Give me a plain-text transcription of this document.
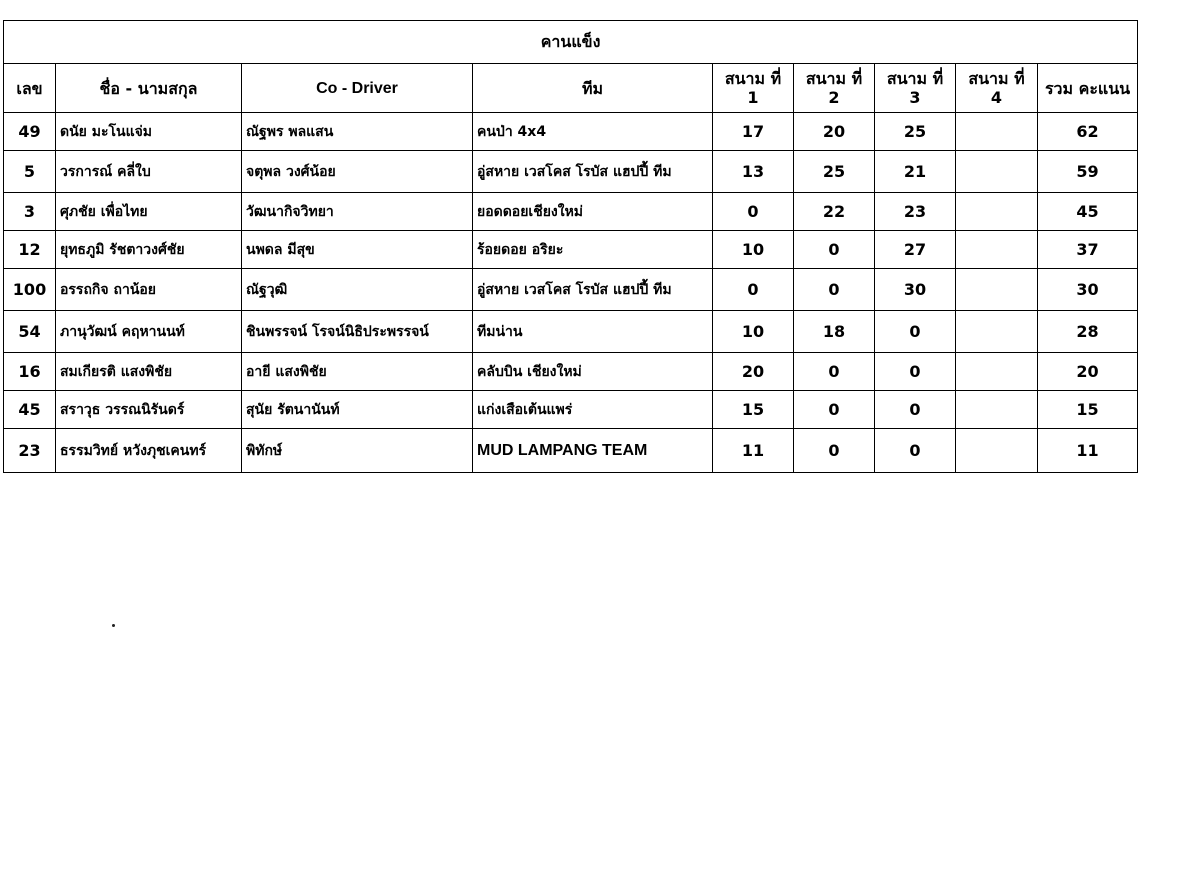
คานแข็ง								
เลข	ชื่อ - นามสกุล	Co - Driver	ทีม	สนาม ที่ 1	สนาม ที่ 2	สนาม ที่ 3	สนาม ที่ 4	รวม คะแนน
49	ดนัย มะโนแจ่ม	ณัฐพร พลแสน	คนป่า 4x4	17	20	25		62
5	วรการณ์ คลี่ใบ	จตุพล วงศ์น้อย	อู่สหาย เวสโคส โรบัส แฮปปี้ ทีม	13	25	21		59
3	ศุภชัย เพื่อไทย	วัฒนากิจวิทยา	ยอดดอยเชียงใหม่	0	22	23		45
12	ยุทธภูมิ รัชตาวงศ์ชัย	นพดล มีสุข	ร้อยดอย อริยะ	10	0	27		37
100	อรรถกิจ ถาน้อย	ณัฐวุฒิ	อู่สหาย เวสโคส โรบัส แฮปปี้ ทีม	0	0	30		30
54	ภานุวัฒน์ คฤหานนท์	ชินพรรจน์ โรจน์นิธิประพรรจน์	ทีมน่าน	10	18	0		28
16	สมเกียรติ แสงพิชัย	อายี แสงพิชัย	คลับบิน เชียงใหม่	20	0	0		20
45	สราวุธ วรรณนิรันดร์	สุนัย รัตนานันท์	แก่งเสือเต้นแพร่	15	0	0		15
23	ธรรมวิทย์ หวังภุชเคนทร์	พิทักษ์	MUD LAMPANG TEAM	11	0	0		11
